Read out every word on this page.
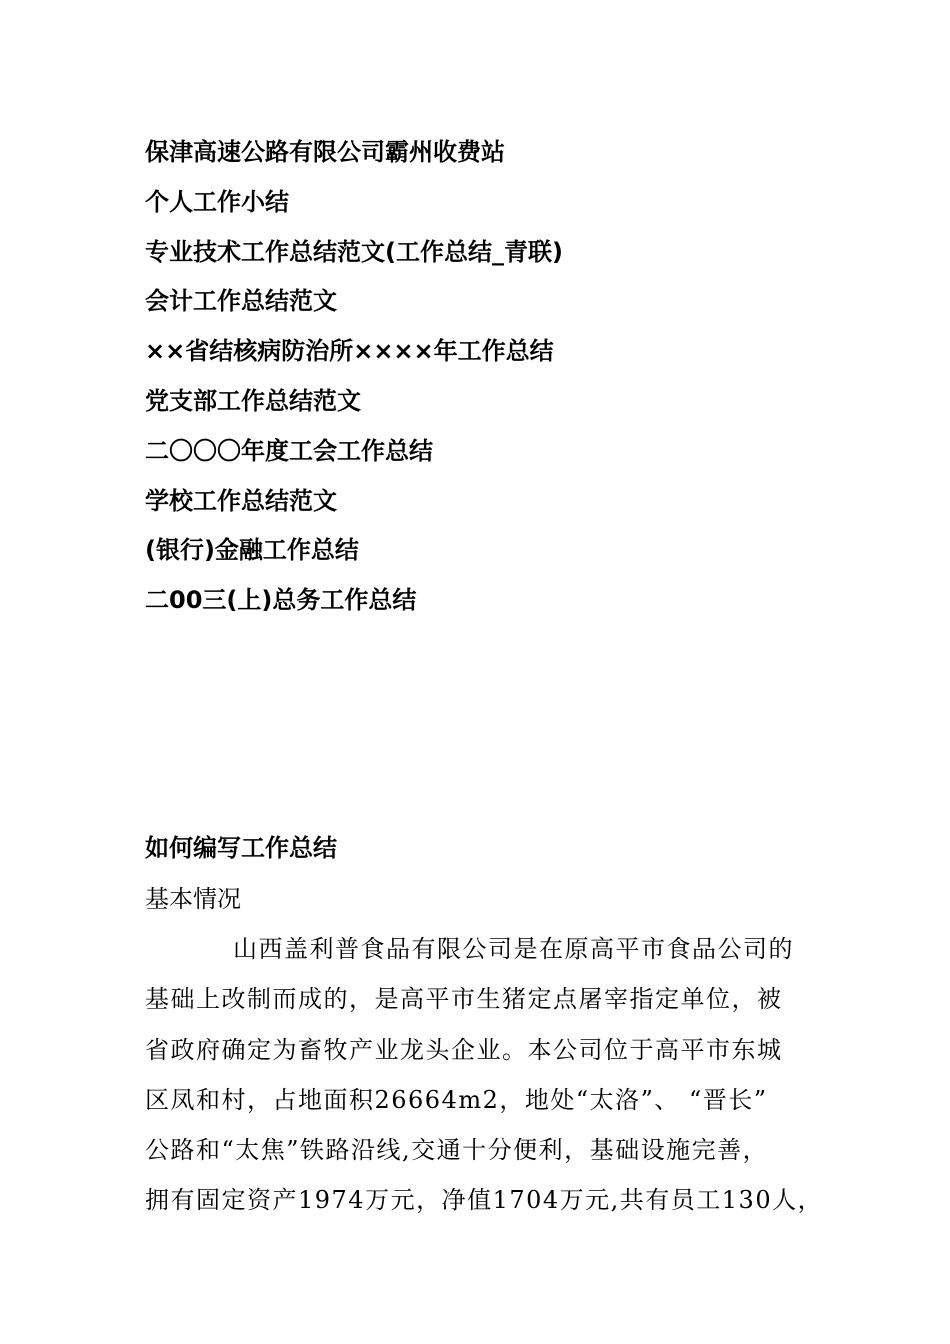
保津高速公路有限公司霸州收费站
个人工作小结
专业技术工作总结范文(工作总结_青联)
会计工作总结范文
××省结核病防治所××××年工作总结
党支部工作总结范文
二〇〇〇年度工会工作总结
学校工作总结范文
(银行)金融工作总结
二00三(上)总务工作总结
如何编写工作总结
基本情况
山西盖利普食品有限公司是在原高平市食品公司的
基础上改制而成的，是高平市生猪定点屠宰指定单位，被
省政府确定为畜牧产业龙头企业。本公司位于高平市东城
区凤和村，占地面积26664m2，地处“太洛”、 “晋长”
公路和“太焦”铁路沿线,交通十分便利，基础设施完善，
拥有固定资产1974万元，净值1704万元,共有员工130人，
